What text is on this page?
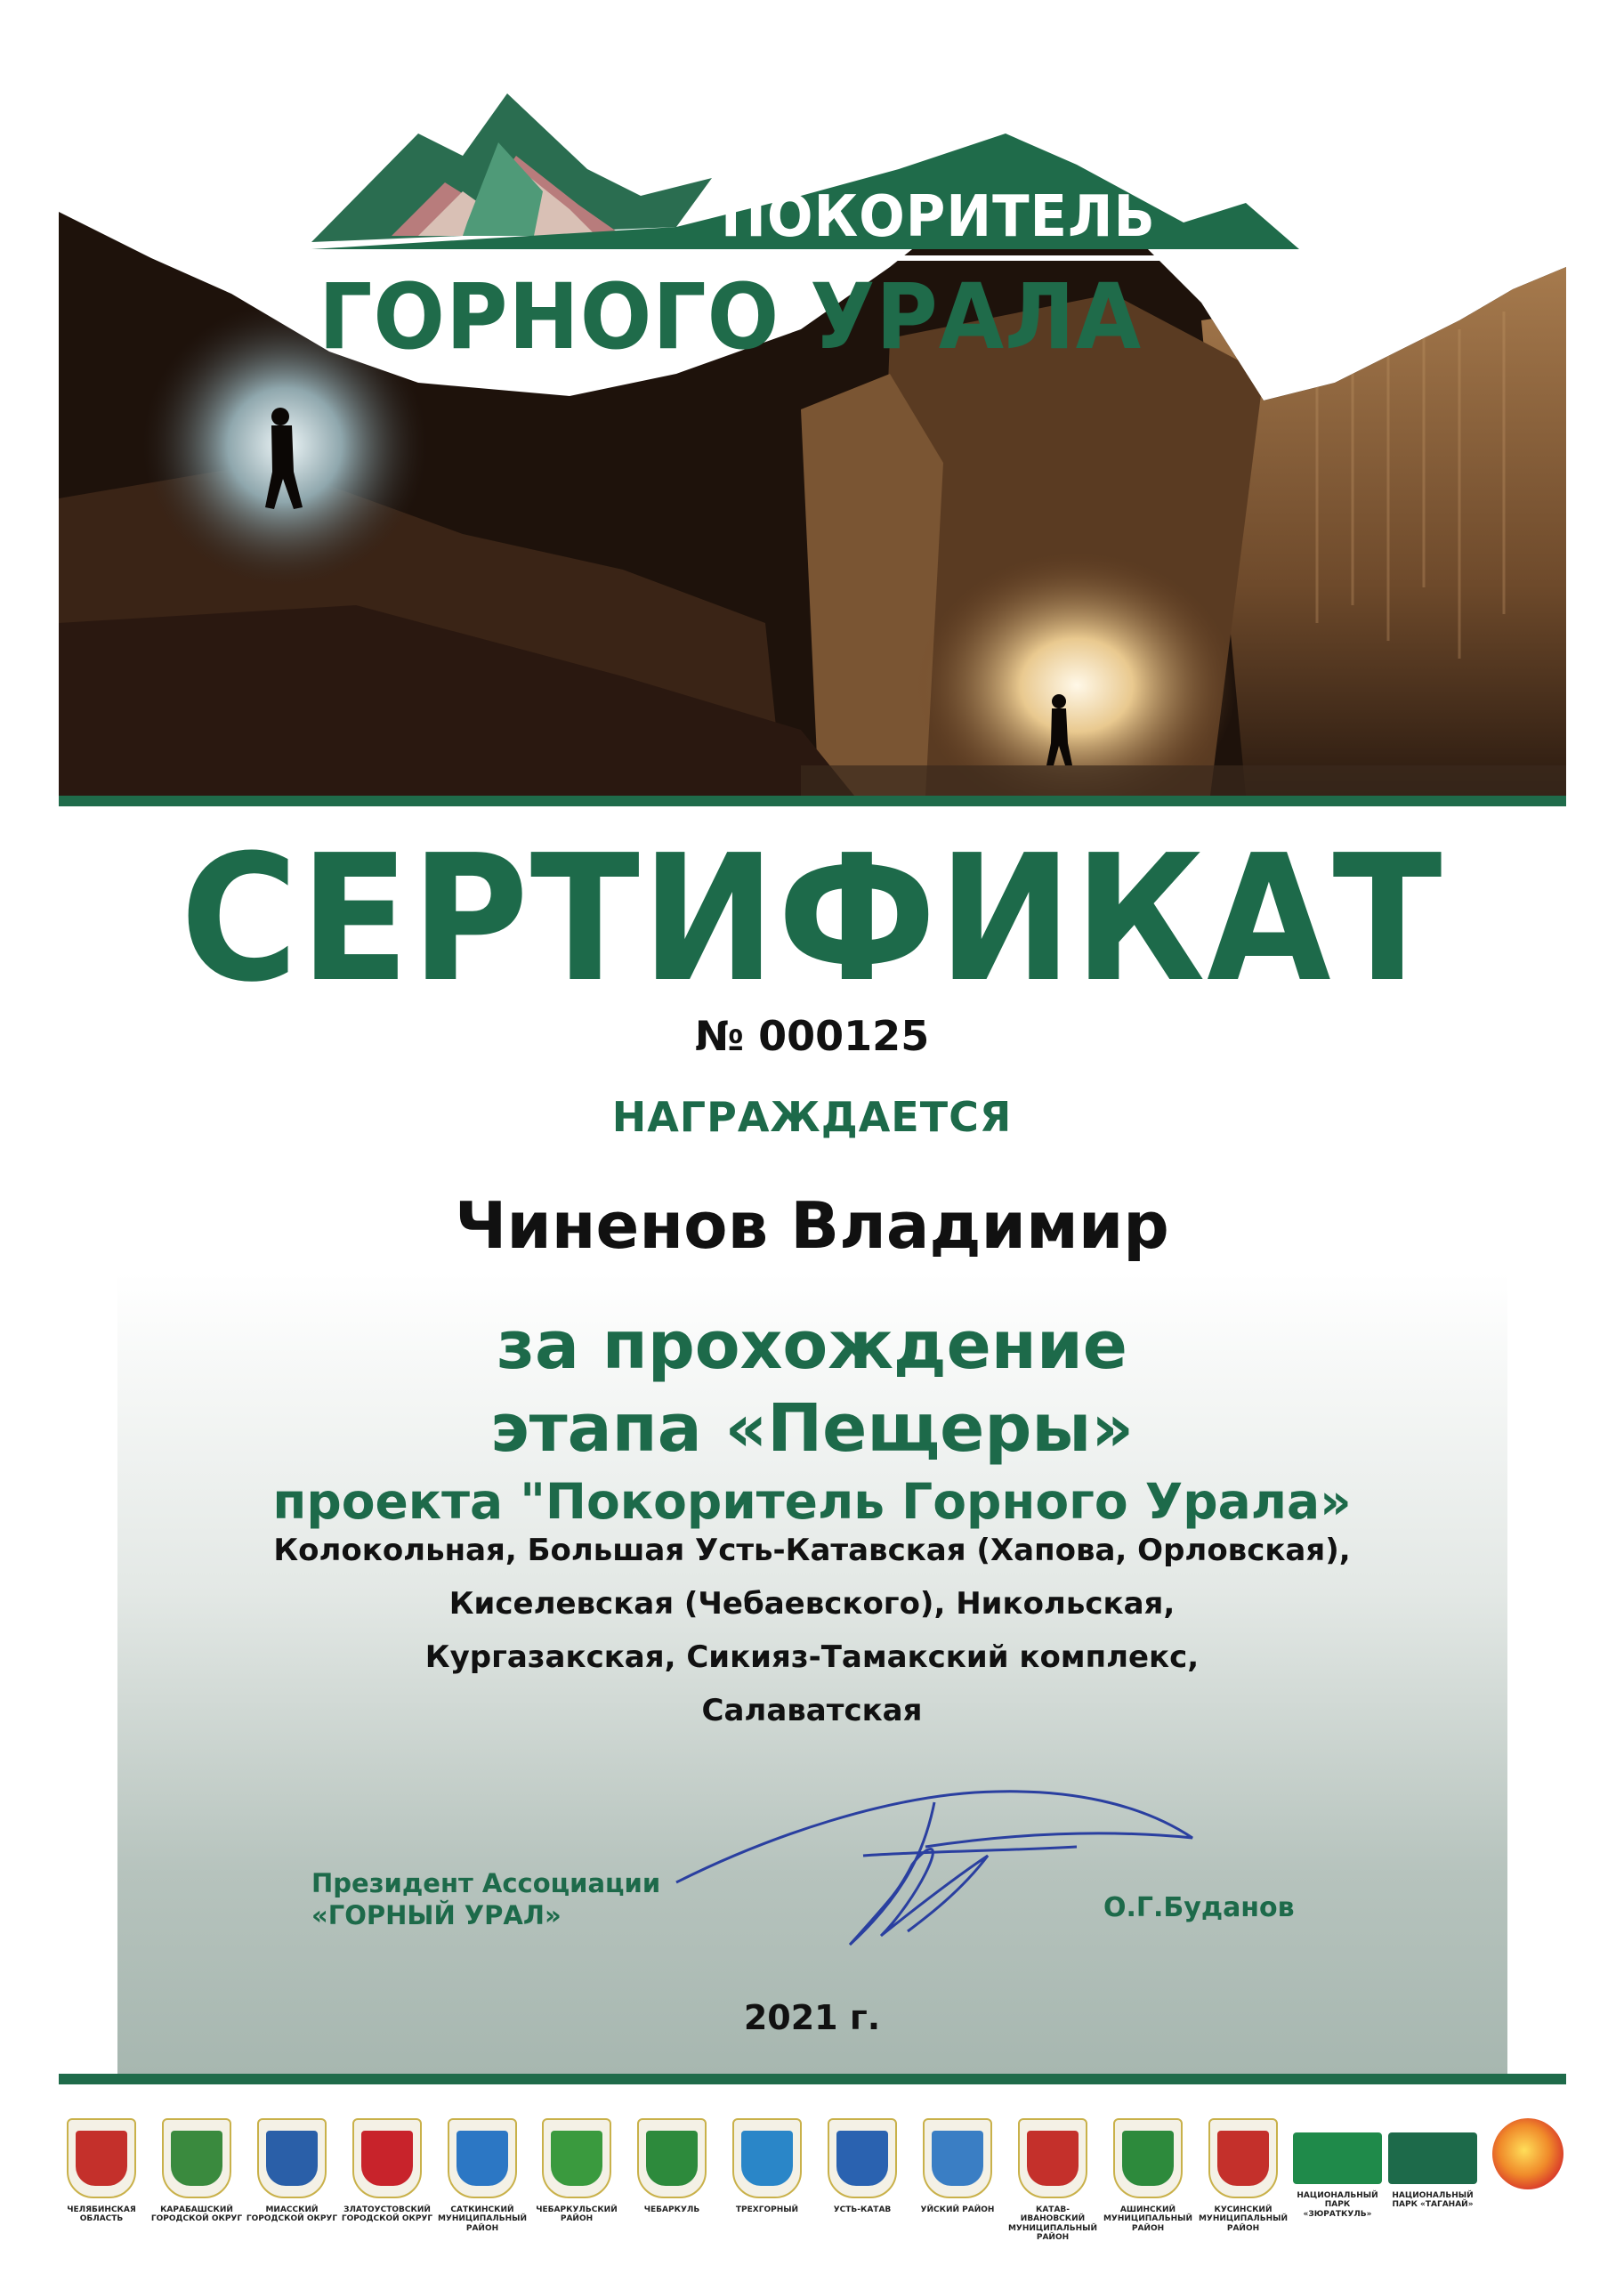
ПОКОРИТЕЛЬ
ГОРНОГО УРАЛА
СЕРТИФИКАТ
№ 000125
НАГРАЖДАЕТСЯ
Чиненов Владимир
за прохождение
этапа «Пещеры»
проекта "Покоритель Горного Урала»
Колокольная, Большая Усть-Катавская (Хапова, Орловская),
Киселевская (Чебаевского), Никольская,
Кургазакская, Сикияз-Тамакский комплекс,
Салаватская
Президент Ассоциации
«ГОРНЫЙ УРАЛ»	О.Г.Буданов
2021 г.
ЧЕЛЯБИНСКАЯ ОБЛАСТЬ
КАРАБАШСКИЙ ГОРОДСКОЙ ОКРУГ
МИАССКИЙ ГОРОДСКОЙ ОКРУГ
ЗЛАТОУСТОВСКИЙ ГОРОДСКОЙ ОКРУГ
САТКИНСКИЙ МУНИЦИПАЛЬНЫЙ РАЙОН
ЧЕБАРКУЛЬСКИЙ РАЙОН
ЧЕБАРКУЛЬ	ТРЕХГОРНЫЙ	УСТЬ-КАТАВ	УЙСКИЙ РАЙОН	КАТАВ-ИВАНОВСКИЙ МУНИЦИПАЛЬНЫЙ РАЙОН
АШИНСКИЙ МУНИЦИПАЛЬНЫЙ РАЙОН
КУСИНСКИЙ МУНИЦИПАЛЬНЫЙ РАЙОН
НАЦИОНАЛЬНЫЙ ПАРК «ЗЮРАТКУЛЬ»
НАЦИОНАЛЬНЫЙ ПАРК «ТАГАНАЙ»
